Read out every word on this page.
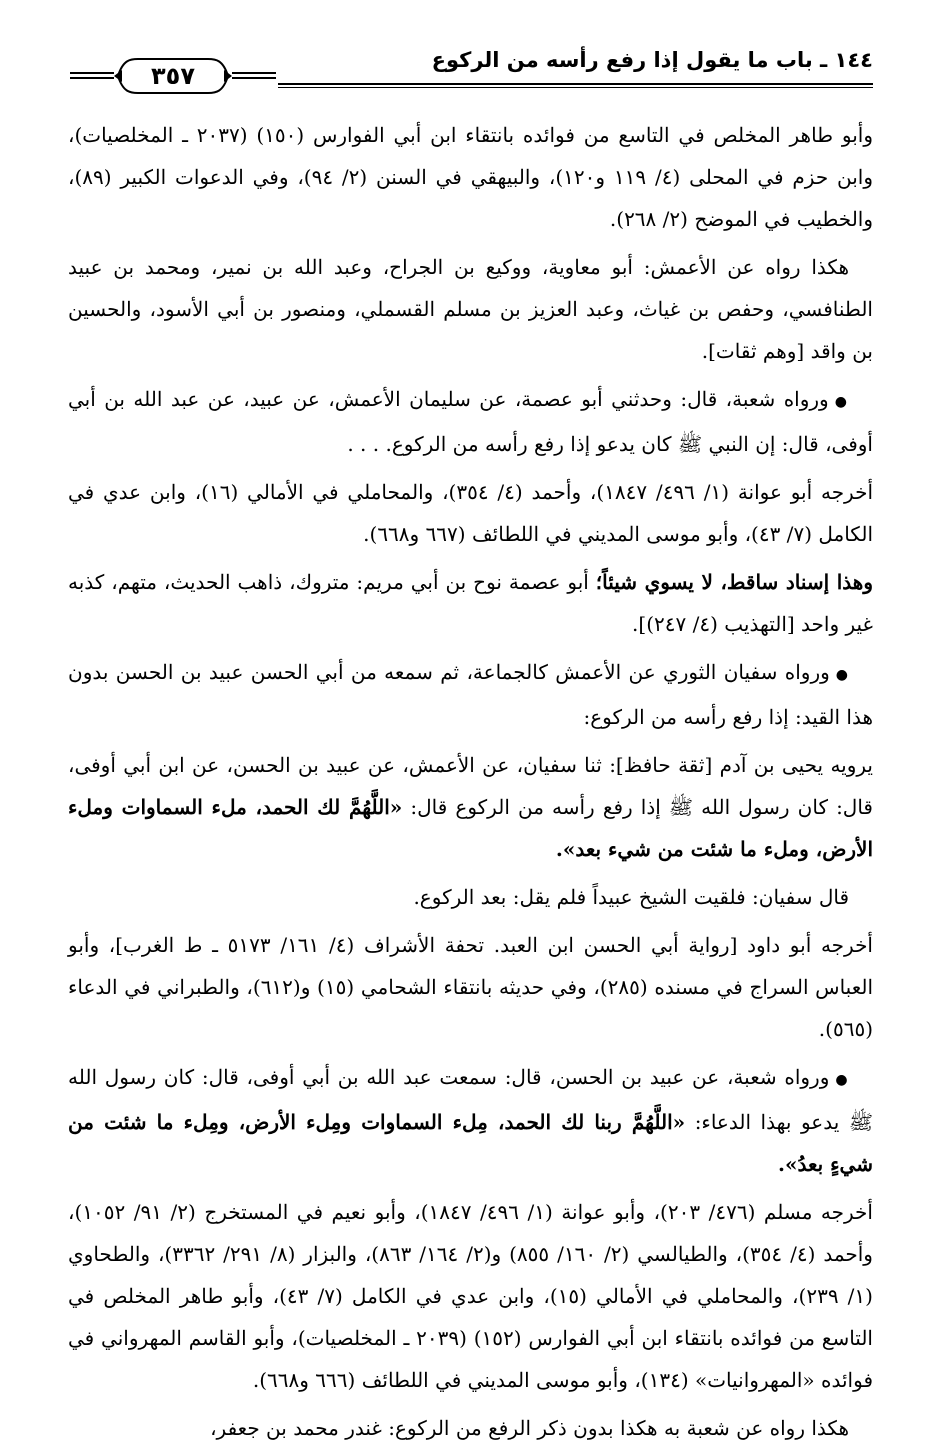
١٤٤ ـ باب ما يقول إذا رفع رأسه من الركوع
٣٥٧

وأبو طاهر المخلص في التاسع من فوائده بانتقاء ابن أبي الفوارس (١٥٠) (٢٠٣٧ ـ المخلصيات)، وابن حزم في المحلى (٤/ ١١٩ و١٢٠)، والبيهقي في السنن (٢/ ٩٤)، وفي الدعوات الكبير (٨٩)، والخطيب في الموضح (٢/ ٢٦٨).

هكذا رواه عن الأعمش: أبو معاوية، ووكيع بن الجراح، وعبد الله بن نمير، ومحمد بن عبيد الطنافسي، وحفص بن غياث، وعبد العزيز بن مسلم القسملي، ومنصور بن أبي الأسود، والحسين بن واقد [وهم ثقات].

●ورواه شعبة، قال: وحدثني أبو عصمة، عن سليمان الأعمش، عن عبيد، عن عبد الله بن أبي أوفى، قال: إن النبي ﷺ كان يدعو إذا رفع رأسه من الركوع. . . .

أخرجه أبو عوانة (١/ ٤٩٦/ ١٨٤٧)، وأحمد (٤/ ٣٥٤)، والمحاملي في الأمالي (١٦)، وابن عدي في الكامل (٧/ ٤٣)، وأبو موسى المديني في اللطائف (٦٦٧ و٦٦٨).

وهذا إسناد ساقط، لا يسوي شيئاً؛ أبو عصمة نوح بن أبي مريم: متروك، ذاهب الحديث، متهم، كذبه غير واحد [التهذيب (٤/ ٢٤٧)].

●ورواه سفيان الثوري عن الأعمش كالجماعة، ثم سمعه من أبي الحسن عبيد بن الحسن بدون هذا القيد: إذا رفع رأسه من الركوع:

يرويه يحيى بن آدم [ثقة حافظ]: ثنا سفيان، عن الأعمش، عن عبيد بن الحسن، عن ابن أبي أوفى، قال: كان رسول الله ﷺ إذا رفع رأسه من الركوع قال: «اللَّهُمَّ لك الحمد، ملء السماوات وملء الأرض، وملء ما شئت من شيء بعد».

قال سفيان: فلقيت الشيخ عبيداً فلم يقل: بعد الركوع.

أخرجه أبو داود [رواية أبي الحسن ابن العبد. تحفة الأشراف (٤/ ١٦١/ ٥١٧٣ ـ ط الغرب]، وأبو العباس السراج في مسنده (٢٨٥)، وفي حديثه بانتقاء الشحامي (١٥) و(٦١٢)، والطبراني في الدعاء (٥٦٥).

●ورواه شعبة، عن عبيد بن الحسن، قال: سمعت عبد الله بن أبي أوفى، قال: كان رسول الله ﷺ يدعو بهذا الدعاء: «اللَّهُمَّ ربنا لك الحمد، مِلء السماوات ومِلء الأرض، ومِلء ما شئت من شيءٍ بعدُ».

أخرجه مسلم (٤٧٦/ ٢٠٣)، وأبو عوانة (١/ ٤٩٦/ ١٨٤٧)، وأبو نعيم في المستخرج (٢/ ٩١/ ١٠٥٢)، وأحمد (٤/ ٣٥٤)، والطيالسي (٢/ ١٦٠/ ٨٥٥) و(٢/ ١٦٤/ ٨٦٣)، والبزار (٨/ ٢٩١/ ٣٣٦٢)، والطحاوي (١/ ٢٣٩)، والمحاملي في الأمالي (١٥)، وابن عدي في الكامل (٧/ ٤٣)، وأبو طاهر المخلص في التاسع من فوائده بانتقاء ابن أبي الفوارس (١٥٢) (٢٠٣٩ ـ المخلصيات)، وأبو القاسم المهرواني في فوائده «المهروانيات» (١٣٤)، وأبو موسى المديني في اللطائف (٦٦٦ و٦٦٨).

هكذا رواه عن شعبة به هكذا بدون ذكر الرفع من الركوع: غندر محمد بن جعفر،
